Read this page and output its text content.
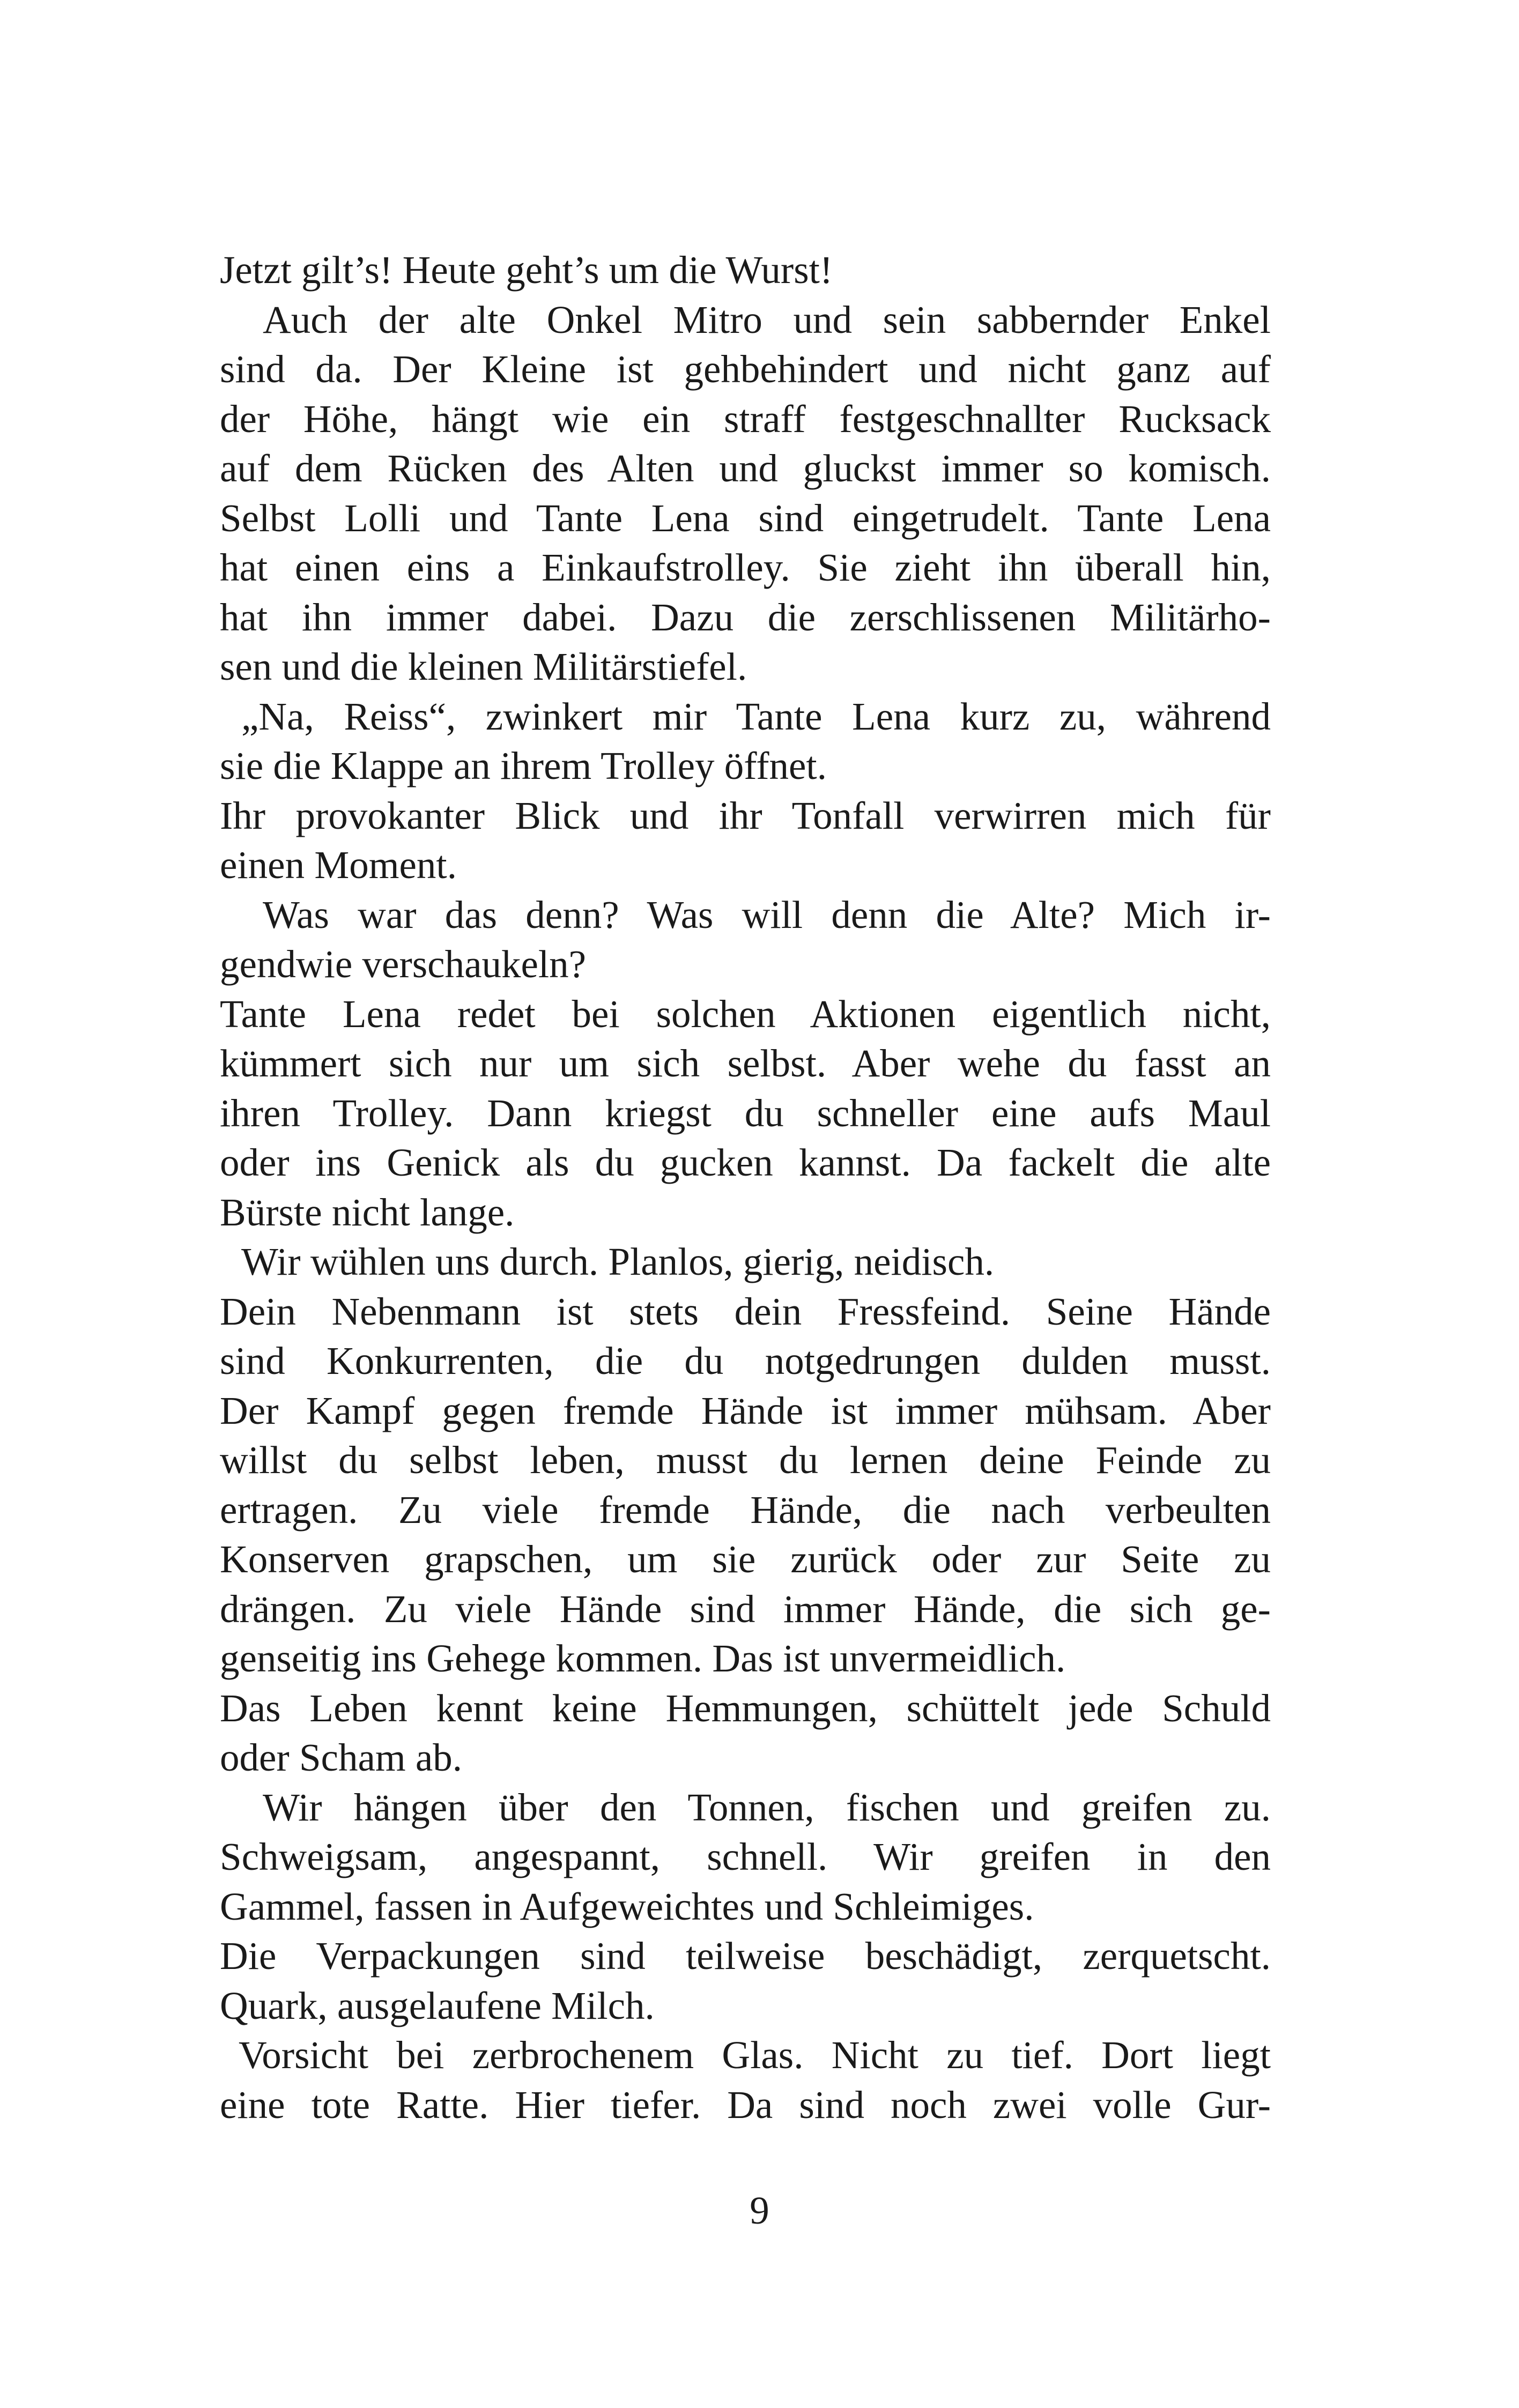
Jetzt gilt’s! Heute geht’s um die Wurst!
Auch der alte Onkel Mitro und sein sabbernder Enkel
sind da. Der Kleine ist gehbehindert und nicht ganz auf
der Höhe, hängt wie ein straff festgeschnallter Rucksack
auf dem Rücken des Alten und gluckst immer so komisch.
Selbst Lolli und Tante Lena sind eingetrudelt. Tante Lena
hat einen eins a Einkaufstrolley. Sie zieht ihn überall hin,
hat ihn immer dabei. Dazu die zerschlissenen Militärho-
sen und die kleinen Militärstiefel.
„Na, Reiss“, zwinkert mir Tante Lena kurz zu, während
sie die Klappe an ihrem Trolley öffnet.
Ihr provokanter Blick und ihr Tonfall verwirren mich für
einen Moment.
Was war das denn? Was will denn die Alte? Mich ir-
gendwie verschaukeln?
Tante Lena redet bei solchen Aktionen eigentlich nicht,
kümmert sich nur um sich selbst. Aber wehe du fasst an
ihren Trolley. Dann kriegst du schneller eine aufs Maul
oder ins Genick als du gucken kannst. Da fackelt die alte
Bürste nicht lange.
Wir wühlen uns durch. Planlos, gierig, neidisch.
Dein Nebenmann ist stets dein Fressfeind. Seine Hände
sind Konkurrenten, die du notgedrungen dulden musst.
Der Kampf gegen fremde Hände ist immer mühsam. Aber
willst du selbst leben, musst du lernen deine Feinde zu
ertragen. Zu viele fremde Hände, die nach verbeulten
Konserven grapschen, um sie zurück oder zur Seite zu
drängen. Zu viele Hände sind immer Hände, die sich ge-
genseitig ins Gehege kommen. Das ist unvermeidlich.
Das Leben kennt keine Hemmungen, schüttelt jede Schuld
oder Scham ab.
Wir hängen über den Tonnen, fischen und greifen zu.
Schweigsam, angespannt, schnell. Wir greifen in den
Gammel, fassen in Aufgeweichtes und Schleimiges.
Die Verpackungen sind teilweise beschädigt, zerquetscht.
Quark, ausgelaufene Milch.
Vorsicht bei zerbrochenem Glas. Nicht zu tief. Dort liegt
eine tote Ratte. Hier tiefer. Da sind noch zwei volle Gur-
9
